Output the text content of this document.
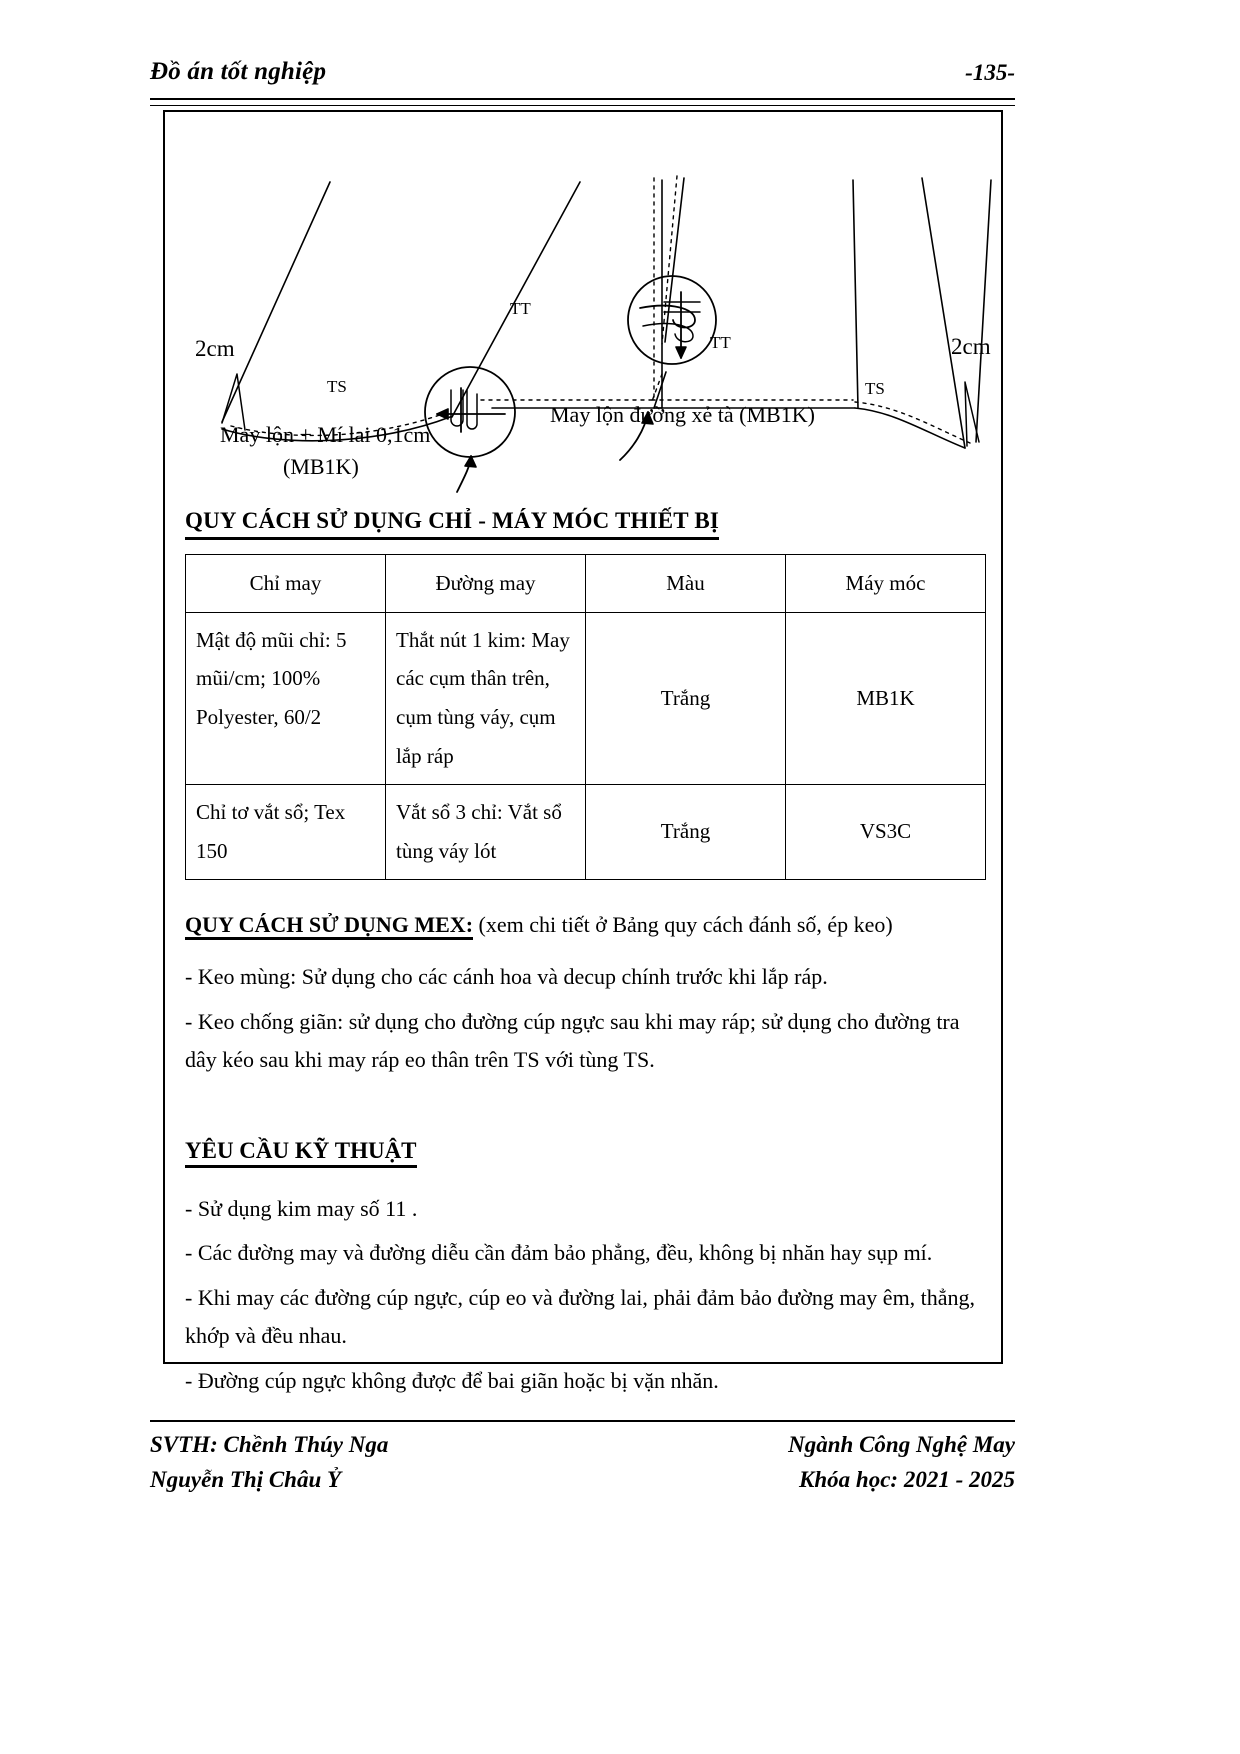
Đồ án tốt nghiệp	-135-
2cm	2cm
TS	TS
TT
TT
May lộn + Mí lai 0,1cm
(MB1K)
May lộn đường xẻ tà (MB1K)
QUY CÁCH SỬ DỤNG CHỈ - MÁY MÓC THIẾT BỊ
Chỉ may	Đường may	Màu	Máy móc
Mật độ mũi chỉ: 5 mũi/cm; 100% Polyester, 60/2	Thắt nút 1 kim: May các cụm thân trên, cụm tùng váy, cụm lắp ráp	Trắng	MB1K
Chỉ tơ vắt sổ; Tex 150	Vắt sổ 3 chỉ: Vắt sổ tùng váy lót	Trắng	VS3C

QUY CÁCH SỬ DỤNG MEX: (xem chi tiết ở Bảng quy cách đánh số, ép keo)

- Keo mùng: Sử dụng cho các cánh hoa và decup chính trước khi lắp ráp.

- Keo chống giãn: sử dụng cho đường cúp ngực sau khi may ráp; sử dụng cho đường tra dây kéo sau khi may ráp eo thân trên TS với tùng TS.

YÊU CẦU KỸ THUẬT

- Sử dụng kim may số 11 .

- Các đường may và đường diễu cần đảm bảo phẳng, đều, không bị nhăn hay sụp mí.

- Khi may các đường cúp ngực, cúp eo và đường lai, phải đảm bảo đường may êm, thẳng, khớp và đều nhau.

- Đường cúp ngực không được để bai giãn hoặc bị vặn nhăn.

SVTH: Chềnh Thúy Nga
Nguyễn Thị Châu Ỷ
Ngành Công Nghệ May
Khóa học: 2021 - 2025
